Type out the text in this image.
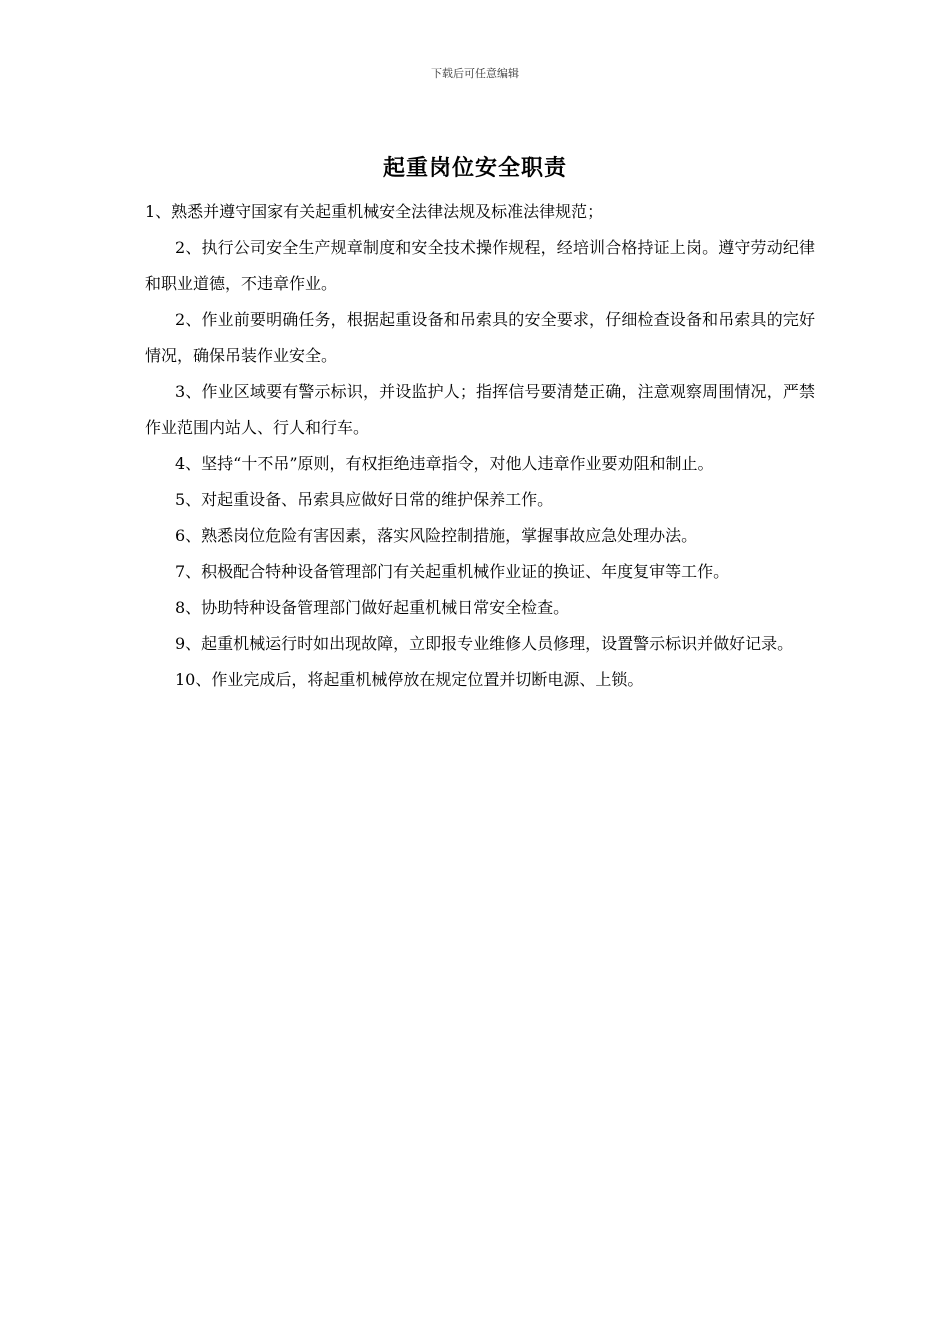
下载后可任意编辑
起重岗位安全职责

1、熟悉并遵守国家有关起重机械安全法律法规及标准法律规范；

2、执行公司安全生产规章制度和安全技术操作规程，经培训合格持证上岗。遵守劳动纪律和职业道德，不违章作业。

2、作业前要明确任务，根据起重设备和吊索具的安全要求，仔细检查设备和吊索具的完好情况，确保吊装作业安全。

3、作业区域要有警示标识，并设监护人；指挥信号要清楚正确，注意观察周围情况，严禁作业范围内站人、行人和行车。

4、坚持“十不吊”原则，有权拒绝违章指令，对他人违章作业要劝阻和制止。

5、对起重设备、吊索具应做好日常的维护保养工作。

6、熟悉岗位危险有害因素，落实风险控制措施，掌握事故应急处理办法。

7、积极配合特种设备管理部门有关起重机械作业证的换证、年度复审等工作。

8、协助特种设备管理部门做好起重机械日常安全检查。

9、起重机械运行时如出现故障，立即报专业维修人员修理，设置警示标识并做好记录。

10、作业完成后，将起重机械停放在规定位置并切断电源、上锁。
